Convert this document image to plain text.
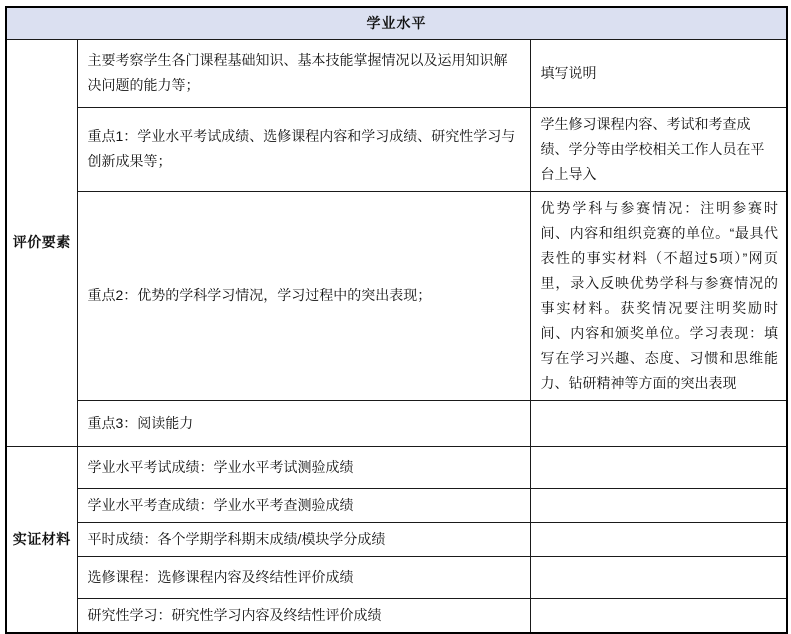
学业水平		
评价要素	主要考察学生各门课程基础知识、基本技能掌握情况以及运用知识解决问题的能力等；	填写说明
	重点1：学业水平考试成绩、选修课程内容和学习成绩、研究性学习与创新成果等；	学生修习课程内容、考试和考查成绩、学分等由学校相关工作人员在平台上导入
	重点2：优势的学科学习情况，学习过程中的突出表现；	优势学科与参赛情况：注明参赛时间、内容和组织竞赛的单位。“最具代表性的事实材料（不超过5项）”网页里，录入反映优势学科与参赛情况的事实材料。获奖情况要注明奖励时间、内容和颁奖单位。学习表现：填写在学习兴趣、态度、习惯和思维能力、钻研精神等方面的突出表现
	重点3：阅读能力	
实证材料	学业水平考试成绩：学业水平考试测验成绩	
	学业水平考查成绩：学业水平考查测验成绩	
	平时成绩：各个学期学科期末成绩/模块学分成绩	
	选修课程：选修课程内容及终结性评价成绩	
	研究性学习：研究性学习内容及终结性评价成绩	
